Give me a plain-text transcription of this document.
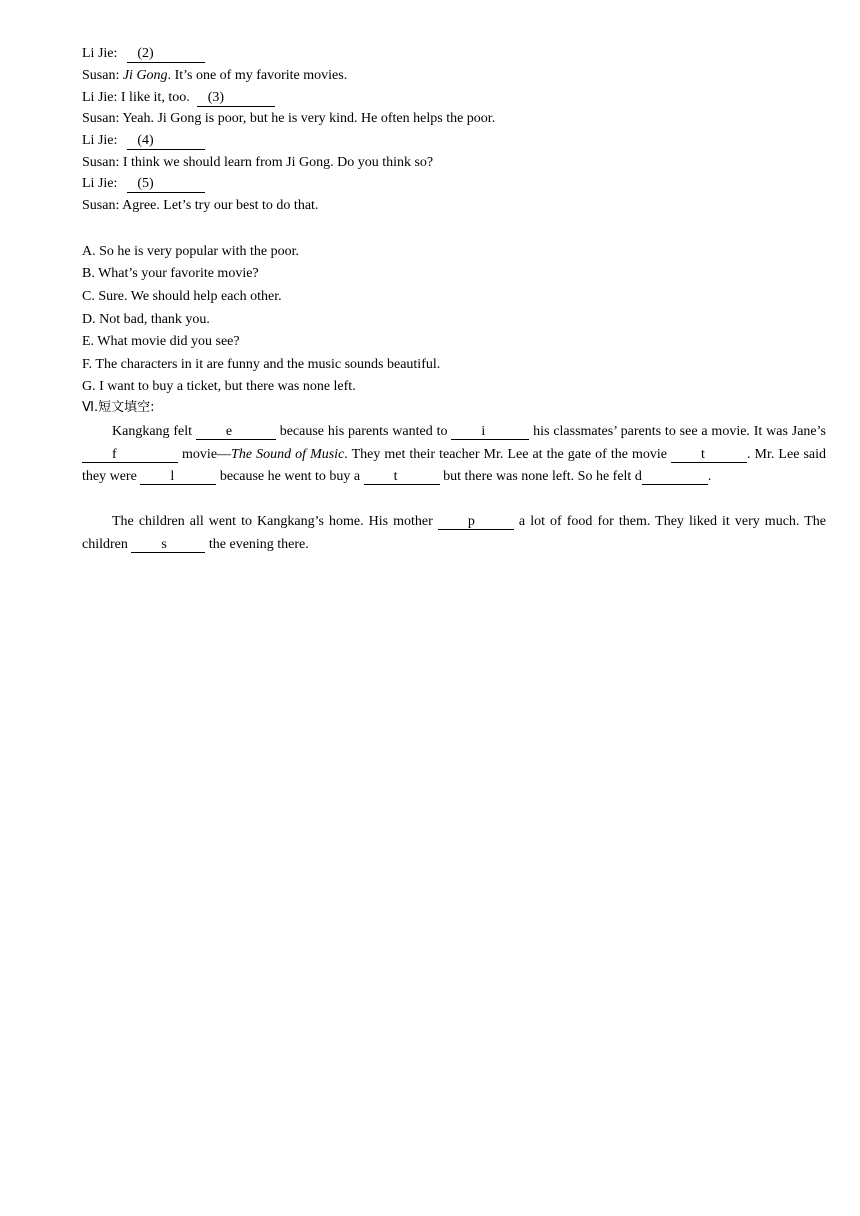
Li Jie: (2)
Susan: Ji Gong. It’s one of my favorite movies.
Li Jie: I like it, too. (3)
Susan: Yeah. Ji Gong is poor, but he is very kind. He often helps the poor.
Li Jie: (4)
Susan: I think we should learn from Ji Gong. Do you think so?
Li Jie: (5)
Susan: Agree. Let’s try our best to do that.
A. So he is very popular with the poor.
B. What’s your favorite movie?
C. Sure. We should help each other.
D. Not bad, thank you.
E. What movie did you see?
F. The characters in it are funny and the music sounds beautiful.
G. I want to buy a ticket, but there was none left.
Ⅵ.短文填空:
Kangkang felt e	because his parents wanted to i	his classmates’ parents to see a movie. It was Jane’s f	movie—The Sound of Music. They met their teacher Mr. Lee at the gate of the movie t	. Mr. Lee said they were l	because he went to buy a t	but there was none left. So he felt d	.
The children all went to Kangkang’s home. His mother p	a lot of food for them. They liked it very much. The children s	the evening there.
